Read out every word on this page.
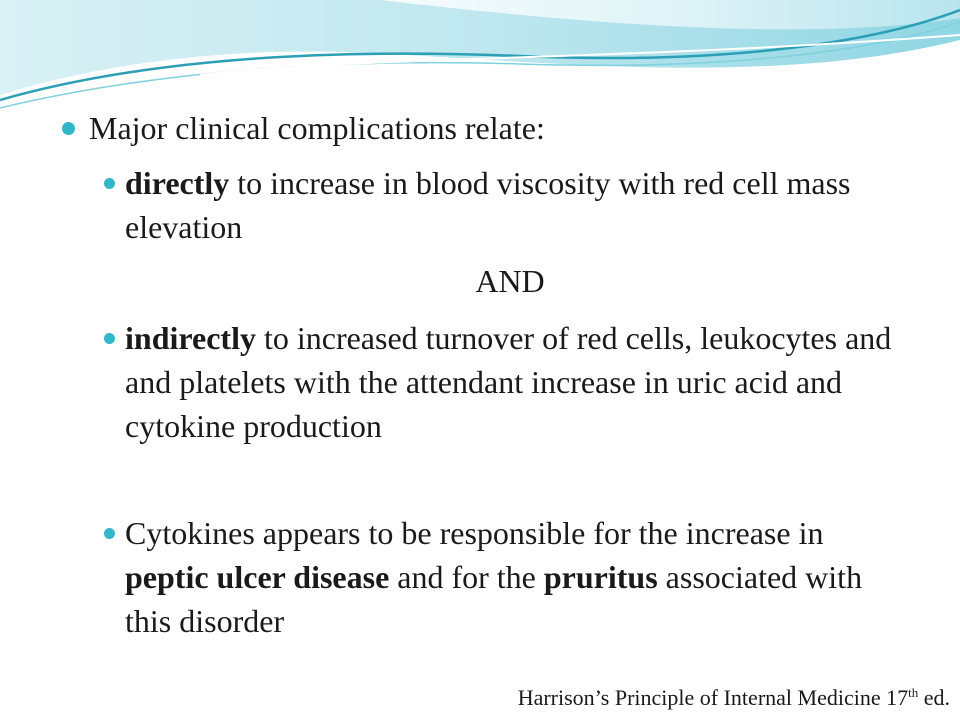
Major clinical complications relate:
directly to increase in blood viscosity with red cell mass elevation
AND
indirectly to increased turnover of red cells, leukocytes and and platelets with the attendant increase in uric acid and cytokine production
Cytokines appears to be responsible for the increase in peptic ulcer disease and for the pruritus associated with this disorder
Harrison’s Principle of Internal Medicine 17th ed.
